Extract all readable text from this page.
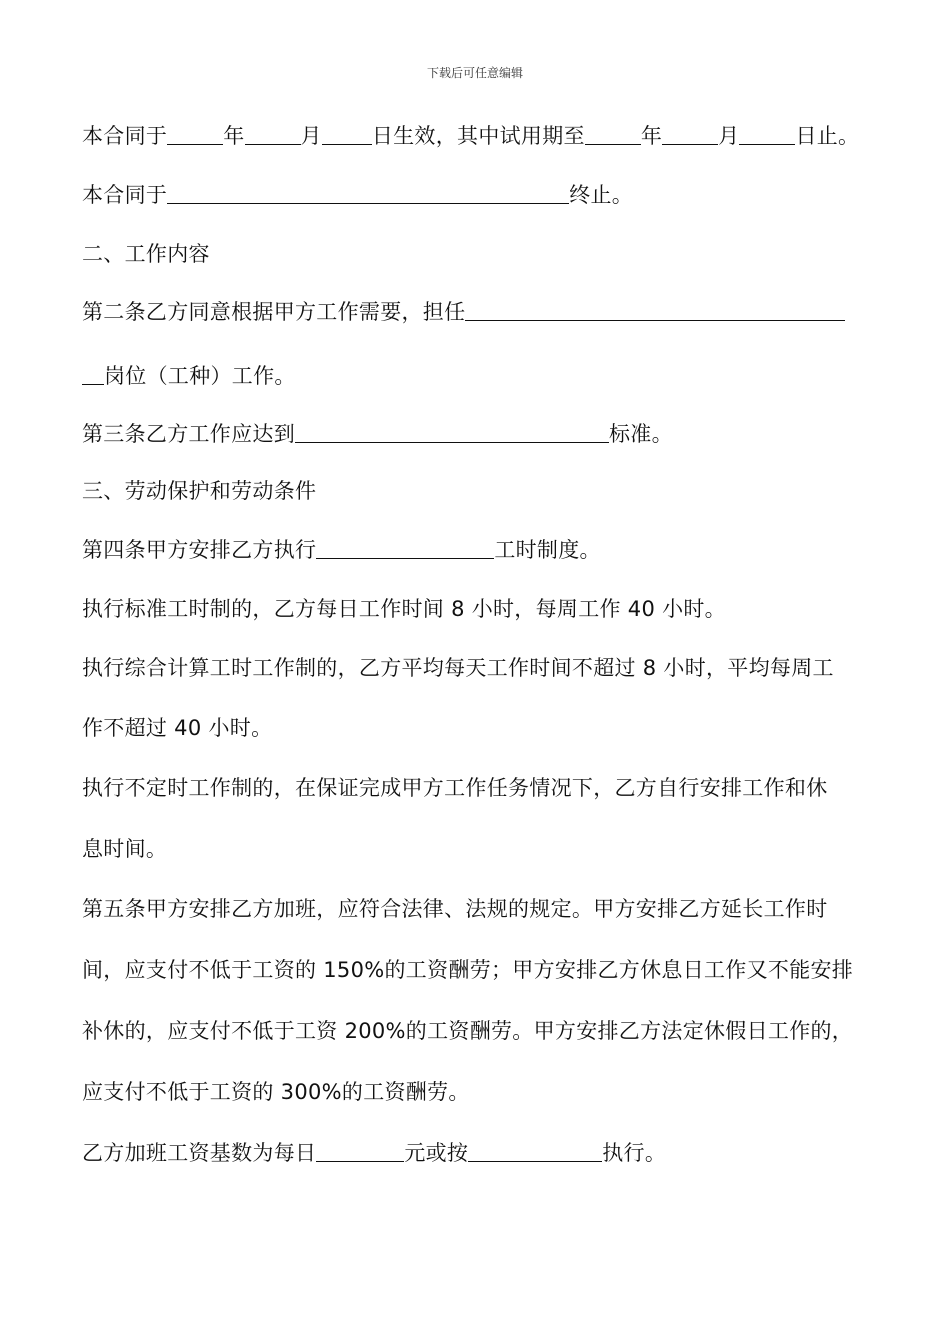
下载后可任意编辑
本合同于	年	月 日生效，其中试用期至	年	月	日止。
本合同于	终止。
二、工作内容
第二条乙方同意根据甲方工作需要，担任
岗位（工种）工作。
第三条乙方工作应达到	标准。
三、劳动保护和劳动条件
第四条甲方安排乙方执行	工时制度。
执行标准工时制的，乙方每日工作时间 8 小时，每周工作 40 小时。
执行综合计算工时工作制的，乙方平均每天工作时间不超过 8 小时，平均每周工
作不超过 40 小时。
执行不定时工作制的，在保证完成甲方工作任务情况下，乙方自行安排工作和休
息时间。
第五条甲方安排乙方加班，应符合法律、法规的规定。甲方安排乙方延长工作时
间，应支付不低于工资的 150%的工资酬劳；甲方安排乙方休息日工作又不能安排
补休的，应支付不低于工资 200%的工资酬劳。甲方安排乙方法定休假日工作的，
应支付不低于工资的 300%的工资酬劳。
乙方加班工资基数为每日	元或按	执行。
